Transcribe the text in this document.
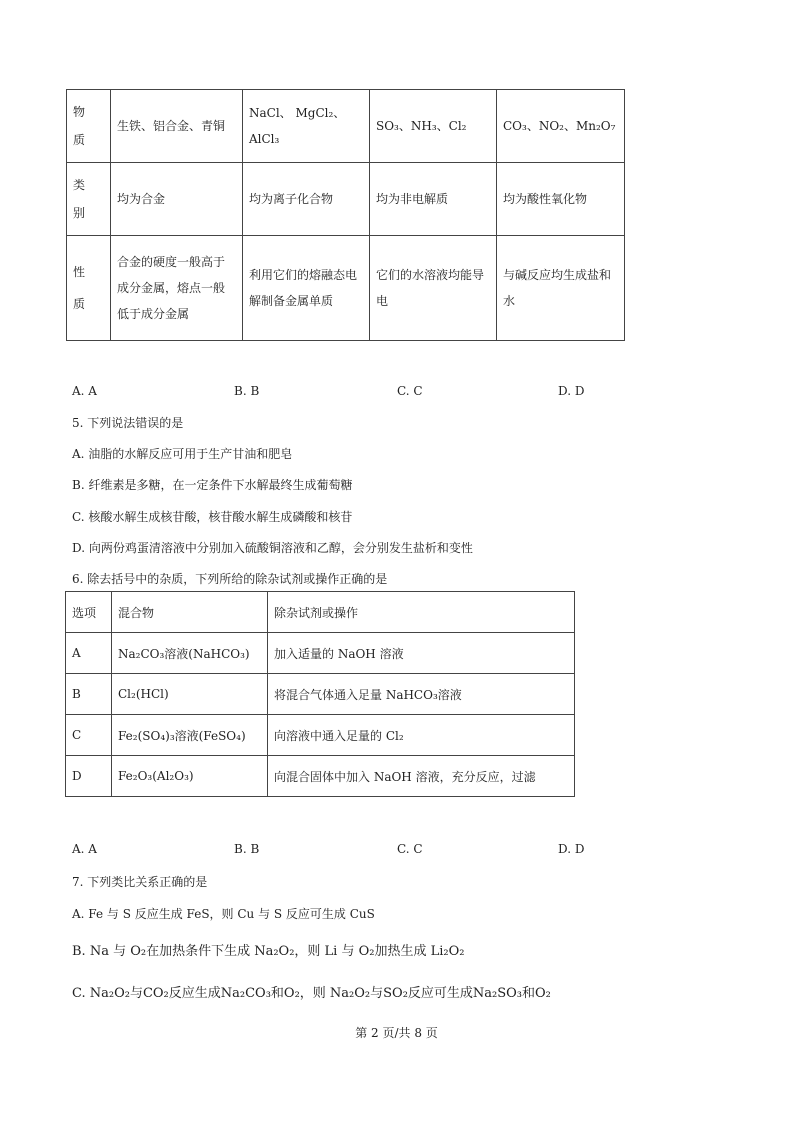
物质	生铁、铝合金、青铜	NaCl、 MgCl₂、AlCl₃	SO₃、NH₃、Cl₂	CO₃、NO₂、Mn₂O₇

类别	均为合金	均为离子化合物	均为非电解质	均为酸性氧化物

性质	合金的硬度一般高于成分金属，熔点一般低于成分金属	利用它们的熔融态电解制备金属单质	它们的水溶液均能导电	与碱反应均生成盐和水
A. A	B. B	C. C	D. D
5. 下列说法错误的是
A. 油脂的水解反应可用于生产甘油和肥皂
B. 纤维素是多糖，在一定条件下水解最终生成葡萄糖
C. 核酸水解生成核苷酸，核苷酸水解生成磷酸和核苷
D. 向两份鸡蛋清溶液中分别加入硫酸铜溶液和乙醇，会分别发生盐析和变性
6. 除去括号中的杂质，下列所给的除杂试剂或操作正确的是
选项	混合物	除杂试剂或操作
A	Na₂CO₃溶液(NaHCO₃)	加入适量的 NaOH 溶液
B	Cl₂(HCl)	将混合气体通入足量 NaHCO₃溶液
C	Fe₂(SO₄)₃溶液(FeSO₄)	向溶液中通入足量的 Cl₂
D	Fe₂O₃(Al₂O₃)	向混合固体中加入 NaOH 溶液，充分反应，过滤
A. A	B. B	C. C	D. D
7. 下列类比关系正确的是
A. Fe 与 S 反应生成 FeS，则 Cu 与 S 反应可生成 CuS
B. Na 与 O₂在加热条件下生成 Na₂O₂，则 Li 与 O₂加热生成 Li₂O₂
C. Na₂O₂与CO₂反应生成Na₂CO₃和O₂，则 Na₂O₂与SO₂反应可生成Na₂SO₃和O₂
第 2 页/共 8 页
